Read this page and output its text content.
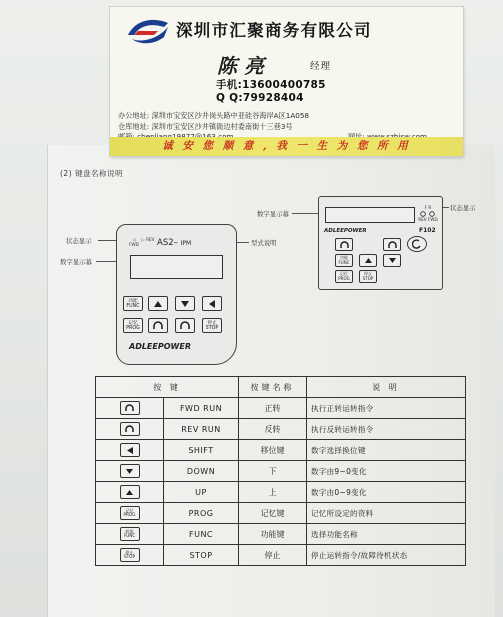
深圳市汇聚商务有限公司
陈亮	经理
手机:13600400785
Q Q:79928404
办公地址: 深圳市宝安区沙井岗头路中亚硅谷海岸A区1A058
仓库地址: 深圳市宝安区沙井镇衙边村委南街十三巷3号
诚 安 您 顺 意 , 我 一 生 为 您 所 用
(2) 键盘名称说明
状态显示
数字显示幕
型式说明
◁ FWD
▷ REV AS2– IPM
功能
FUNC
记忆
PROG
停止
STOP
ADLEEPOWER
数字显示幕
状态显示
F R

REV FWD
ADLEEPOWER	F102
功能
FUNC
记忆
PROG
停止
STOP
按 键		按键名称	说 明

	FWD RUN	正转	执行正转运转指令

	REV RUN	反转	执行反转运转指令

	SHIFT	移位键	数字选择换位键

	DOWN	下	数字由9~0变化

	UP	上	数字由0~9变化

记忆
PROG	PROG	记忆键	记忆所设定的资料

机能
FUNC	FUNC	功能键	选择功能名称

停止
STOP	STOP	停止	停止运转指令/故障待机状态
